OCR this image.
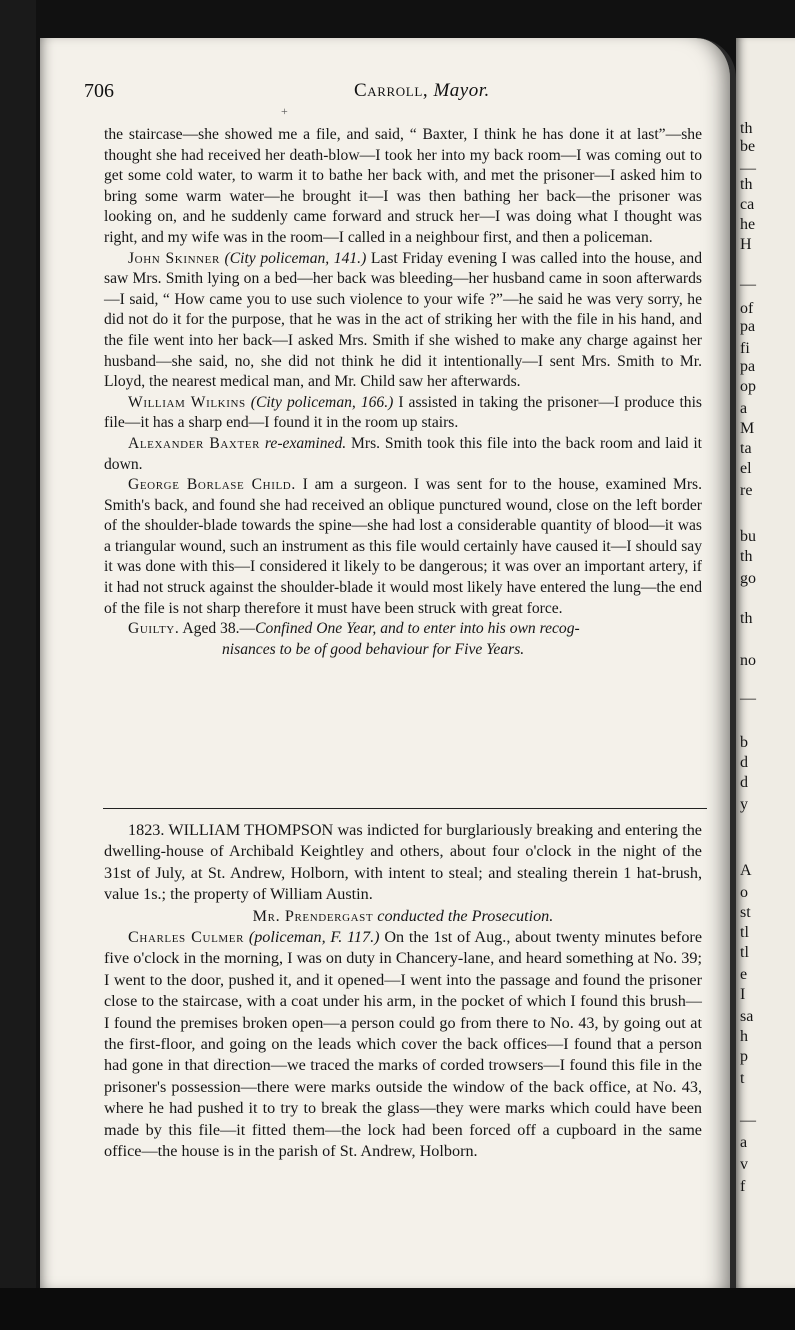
th
be
—
th
ca
he
H
—
of
pa
fi
pa
op
a
M
ta
el
re
bu
th
go
th
no
—
b
d
d
y
A
o
st
tl
tl
e
I
sa
h
p
t
—
a
v
f
706	Carroll, Mayor.
+

the staircase—she showed me a file, and said, “ Baxter, I think he has done it at last”—she thought she had received her death-blow—I took her into my back room—I was coming out to get some cold water, to warm it to bathe her back with, and met the prisoner—I asked him to bring some warm water—he brought it—I was then bathing her back—the prisoner was looking on, and he suddenly came forward and struck her—I was doing what I thought was right, and my wife was in the room—I called in a neighbour first, and then a policeman.

John Skinner (City policeman, 141.) Last Friday evening I was called into the house, and saw Mrs. Smith lying on a bed—her back was bleeding—her husband came in soon afterwards—I said, “ How came you to use such violence to your wife ?”—he said he was very sorry, he did not do it for the purpose, that he was in the act of striking her with the file in his hand, and the file went into her back—I asked Mrs. Smith if she wished to make any charge against her husband—she said, no, she did not think he did it intentionally—I sent Mrs. Smith to Mr. Lloyd, the nearest medical man, and Mr. Child saw her afterwards.

William Wilkins (City policeman, 166.) I assisted in taking the prisoner—I produce this file—it has a sharp end—I found it in the room up stairs.

Alexander Baxter re-examined. Mrs. Smith took this file into the back room and laid it down.

George Borlase Child. I am a surgeon. I was sent for to the house, examined Mrs. Smith's back, and found she had received an oblique punctured wound, close on the left border of the shoulder-blade towards the spine—she had lost a considerable quantity of blood—it was a triangular wound, such an instrument as this file would certainly have caused it—I should say it was done with this—I considered it likely to be dangerous; it was over an important artery, if it had not struck against the shoulder-blade it would most likely have entered the lung—the end of the file is not sharp therefore it must have been struck with great force.

Guilty. Aged 38.—Confined One Year, and to enter into his own recog-

nisances to be of good behaviour for Five Years.

1823. WILLIAM THOMPSON was indicted for burglariously breaking and entering the dwelling-house of Archibald Keightley and others, about four o'clock in the night of the 31st of July, at St. Andrew, Holborn, with intent to steal; and stealing therein 1 hat-brush, value 1s.; the property of William Austin.

Mr. Prendergast conducted the Prosecution.

Charles Culmer (policeman, F. 117.) On the 1st of Aug., about twenty minutes before five o'clock in the morning, I was on duty in Chancery-lane, and heard something at No. 39; I went to the door, pushed it, and it opened—I went into the passage and found the prisoner close to the staircase, with a coat under his arm, in the pocket of which I found this brush—I found the premises broken open—a person could go from there to No. 43, by going out at the first-floor, and going on the leads which cover the back offices—I found that a person had gone in that direction—we traced the marks of corded trowsers—I found this file in the prisoner's possession—there were marks outside the window of the back office, at No. 43, where he had pushed it to try to break the glass—they were marks which could have been made by this file—it fitted them—the lock had been forced off a cupboard in the same office—the house is in the parish of St. Andrew, Holborn.
